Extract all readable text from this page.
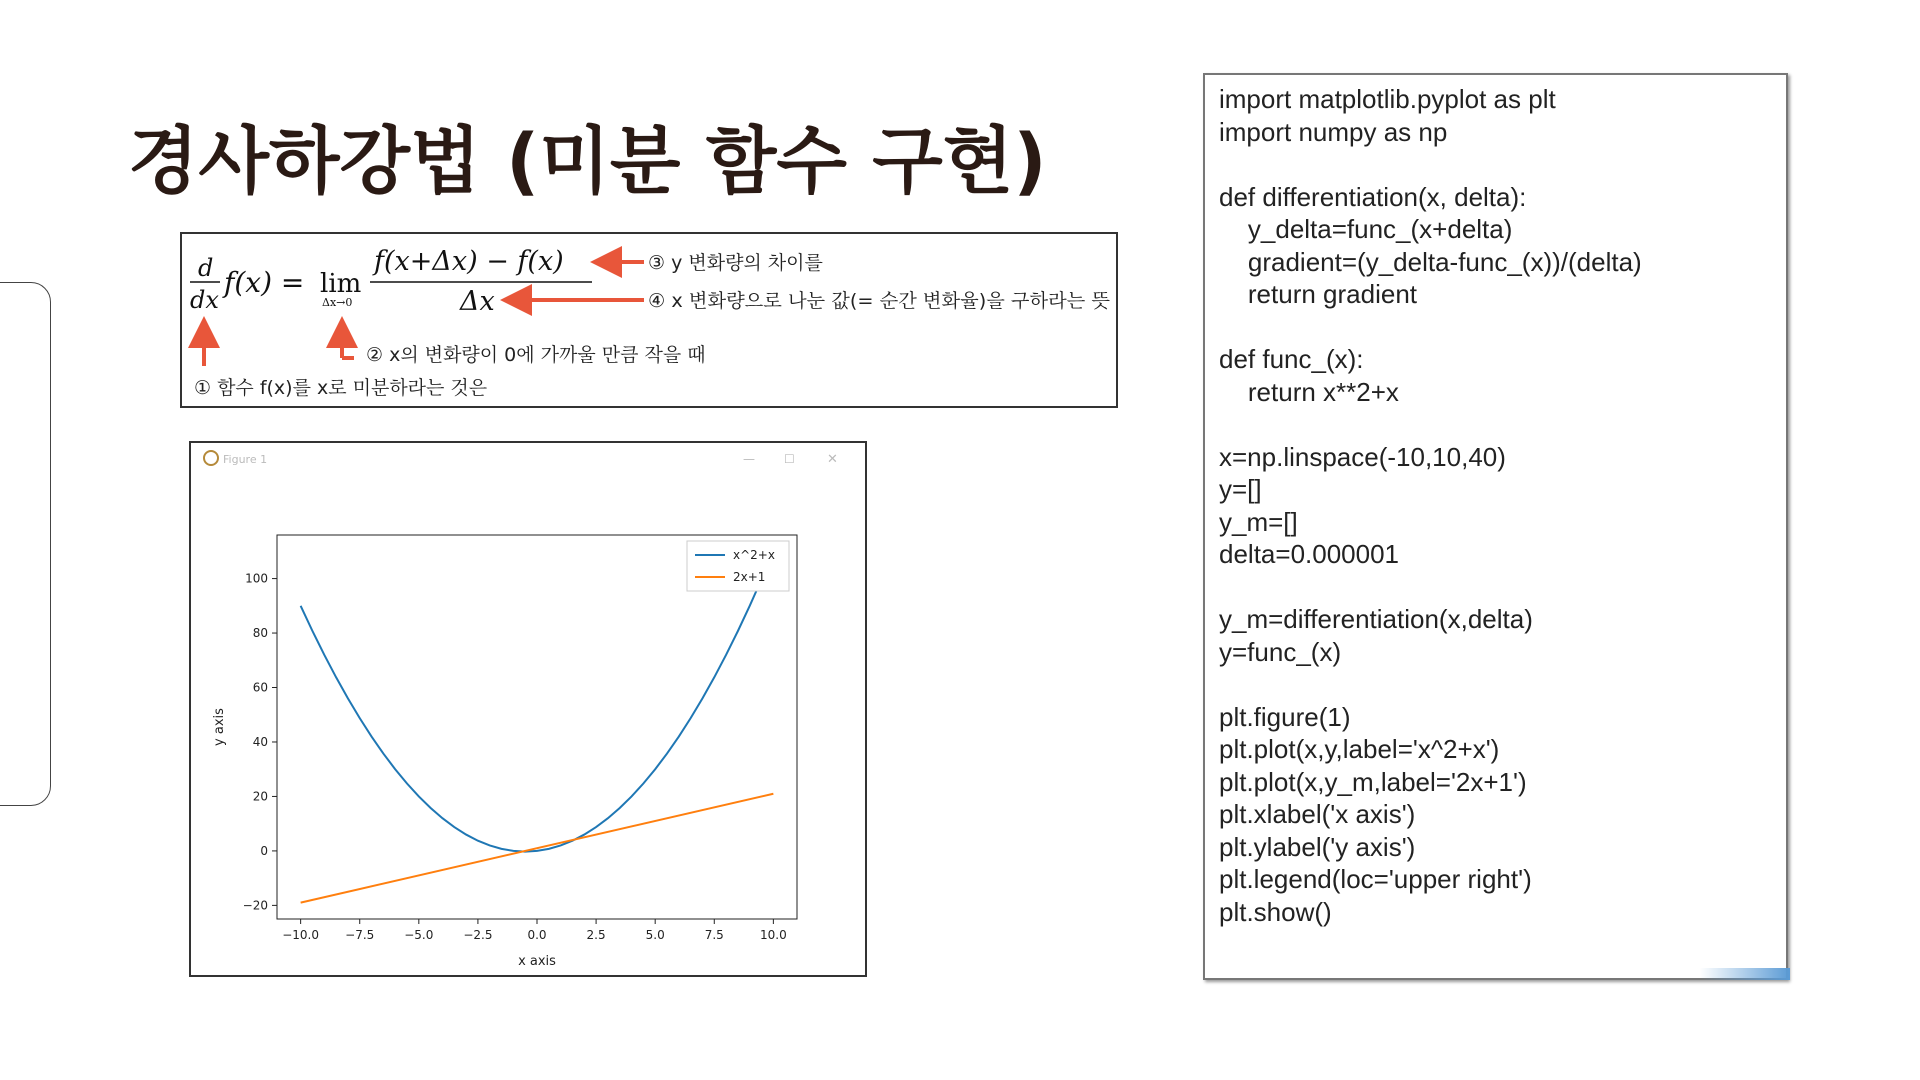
경사하강법 (미분 함수 구현)
d
dx
f(x) = lim
Δx→0
f(x+Δx) − f(x)
Δx
③ y 변화량의 차이를
④ x 변화량으로 나눈 값(= 순간 변화율)을 구하라는 뜻
② x의 변화량이 0에 가까울 만큼 작을 때
① 함수 f(x)를 x로 미분하라는 것은
Figure 1	— ☐ ✕
−10.0 −7.5 −5.0 −2.5	0.0	2.5	5.0	7.5	10.0
−20
0
20
40
60
80
100
x^2+x
2x+1
x axis
y axis
import matplotlib.pyplot as plt
import numpy as np
def differentiation(x, delta):
y_delta=func_(x+delta)
gradient=(y_delta-func_(x))/(delta)
return gradient
def func_(x):
return x**2+x
x=np.linspace(-10,10,40)
y=[]
y_m=[]
delta=0.000001
y_m=differentiation(x,delta)
y=func_(x)
plt.figure(1)
plt.plot(x,y,label='x^2+x')
plt.plot(x,y_m,label='2x+1')
plt.xlabel('x axis')
plt.ylabel('y axis')
plt.legend(loc='upper right')
plt.show()
